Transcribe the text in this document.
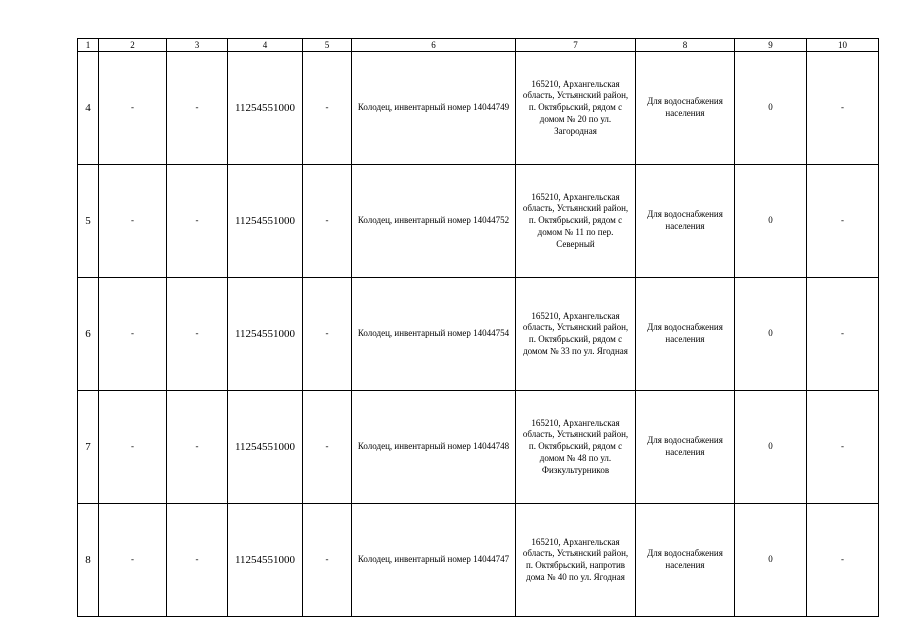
1	2	3	4	5	6	7	8	9	10
4	-	-	11254551000	-	Колодец, инвентарный номер 14044749	165210, Архангельская область, Устьянский район, п. Октябрьский, рядом с домом № 20 по ул. Загородная	Для водоснабжения населения	0	-
5	-	-	11254551000	-	Колодец, инвентарный номер 14044752	165210, Архангельская область, Устьянский район, п. Октябрьский, рядом с домом № 11 по пер. Северный	Для водоснабжения населения	0	-
6	-	-	11254551000	-	Колодец, инвентарный номер 14044754	165210, Архангельская область, Устьянский район, п. Октябрьский, рядом с домом № 33 по ул. Ягодная	Для водоснабжения населения	0	-
7	-	-	11254551000	-	Колодец, инвентарный номер 14044748	165210, Архангельская область, Устьянский район, п. Октябрьский, рядом с домом № 48 по ул. Физкультурников	Для водоснабжения населения	0	-
8	-	-	11254551000	-	Колодец, инвентарный номер 14044747	165210, Архангельская область, Устьянский район, п. Октябрьский, напротив дома № 40 по ул. Ягодная	Для водоснабжения населения	0	-
